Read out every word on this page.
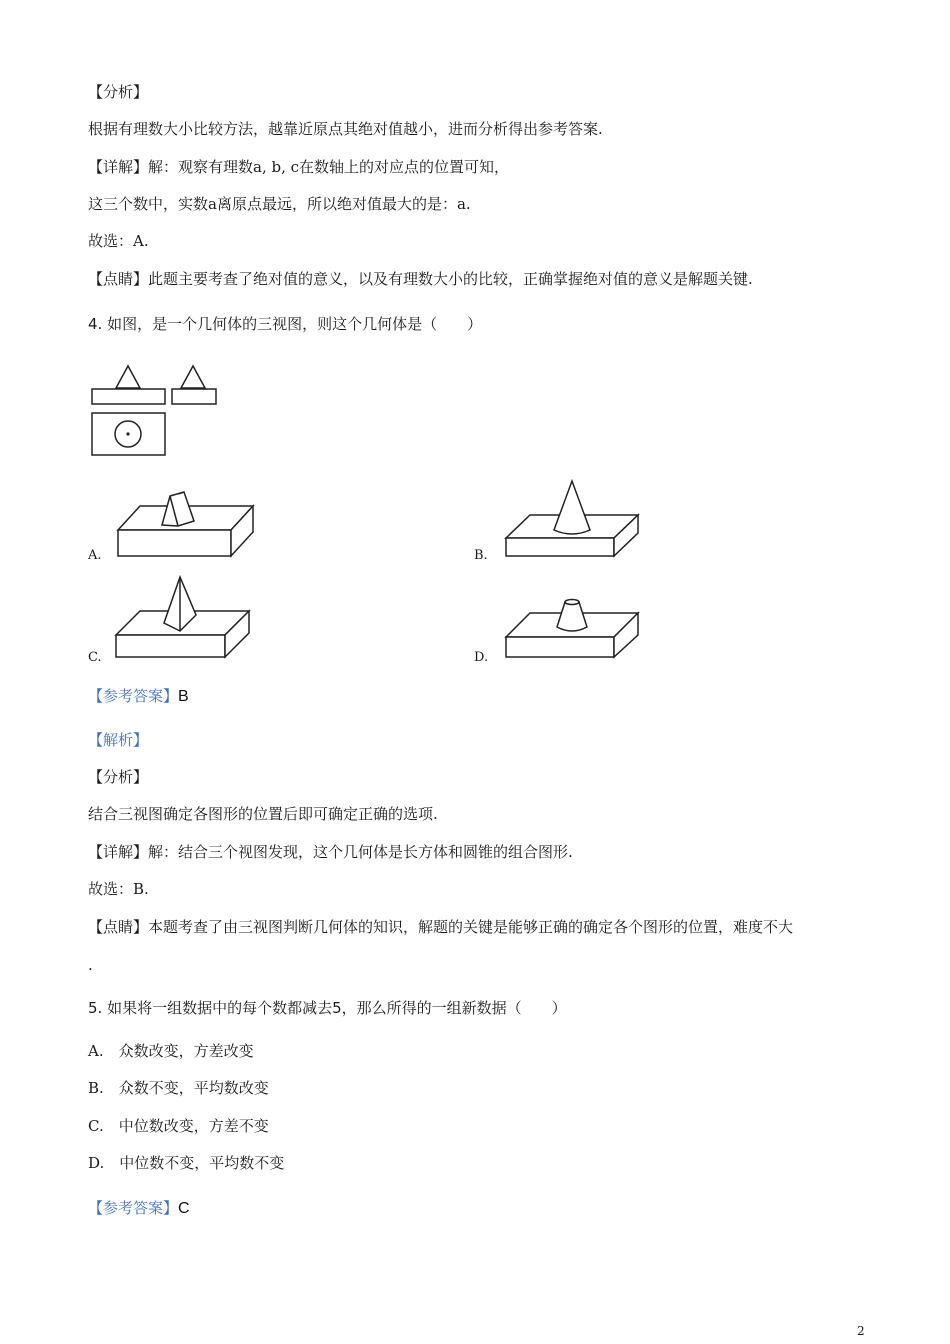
【分析】
根据有理数大小比较方法，越靠近原点其绝对值越小，进而分析得出参考答案.
【详解】解：观察有理数a, b, c在数轴上的对应点的位置可知，
这三个数中，实数a离原点最远，所以绝对值最大的是：a.
故选：A.
【点睛】此题主要考查了绝对值的意义，以及有理数大小的比较，正确掌握绝对值的意义是解题关键.
4. 如图，是一个几何体的三视图，则这个几何体是（　　）
A.	B.
C.	D.
【参考答案】B
【解析】
【分析】
结合三视图确定各图形的位置后即可确定正确的选项.
【详解】解：结合三个视图发现，这个几何体是长方体和圆锥的组合图形.
故选：B.
【点睛】本题考查了由三视图判断几何体的知识，解题的关键是能够正确的确定各个图形的位置，难度不大
.
5. 如果将一组数据中的每个数都减去5，那么所得的一组新数据（　　）
A.　众数改变，方差改变
B.　众数不变，平均数改变
C.　中位数改变，方差不变
D.　中位数不变，平均数不变
【参考答案】C
2
